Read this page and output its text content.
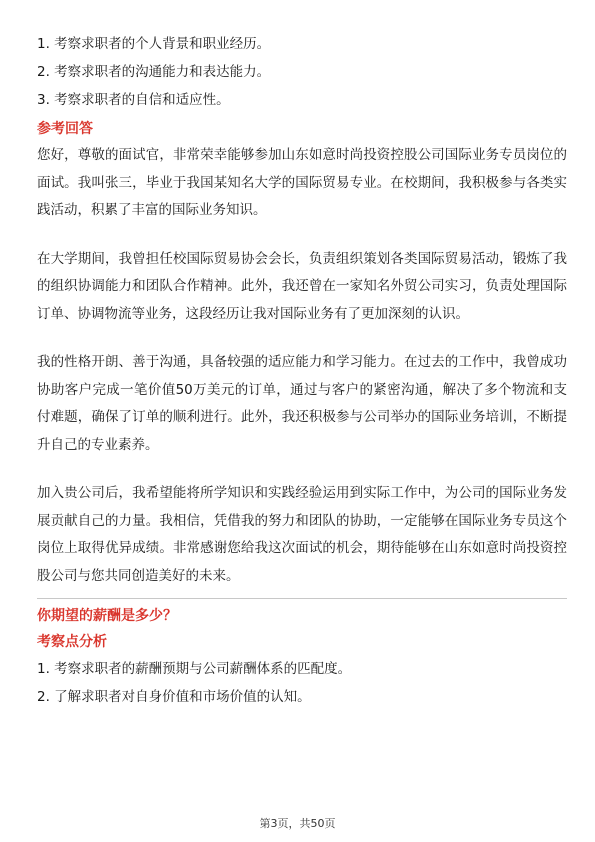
1. 考察求职者的个人背景和职业经历。

2. 考察求职者的沟通能力和表达能力。

3. 考察求职者的自信和适应性。

参考回答

您好，尊敬的面试官，非常荣幸能够参加山东如意时尚投资控股公司国际业务专员岗位的面试。我叫张三，毕业于我国某知名大学的国际贸易专业。在校期间，我积极参与各类实践活动，积累了丰富的国际业务知识。

在大学期间，我曾担任校国际贸易协会会长，负责组织策划各类国际贸易活动，锻炼了我的组织协调能力和团队合作精神。此外，我还曾在一家知名外贸公司实习，负责处理国际订单、协调物流等业务，这段经历让我对国际业务有了更加深刻的认识。

我的性格开朗、善于沟通，具备较强的适应能力和学习能力。在过去的工作中，我曾成功协助客户完成一笔价值50万美元的订单，通过与客户的紧密沟通，解决了多个物流和支付难题，确保了订单的顺利进行。此外，我还积极参与公司举办的国际业务培训，不断提升自己的专业素养。

加入贵公司后，我希望能将所学知识和实践经验运用到实际工作中，为公司的国际业务发展贡献自己的力量。我相信，凭借我的努力和团队的协助，一定能够在国际业务专员这个岗位上取得优异成绩。非常感谢您给我这次面试的机会，期待能够在山东如意时尚投资控股公司与您共同创造美好的未来。

你期望的薪酬是多少？

考察点分析

1. 考察求职者的薪酬预期与公司薪酬体系的匹配度。

2. 了解求职者对自身价值和市场价值的认知。

第3页，共50页
